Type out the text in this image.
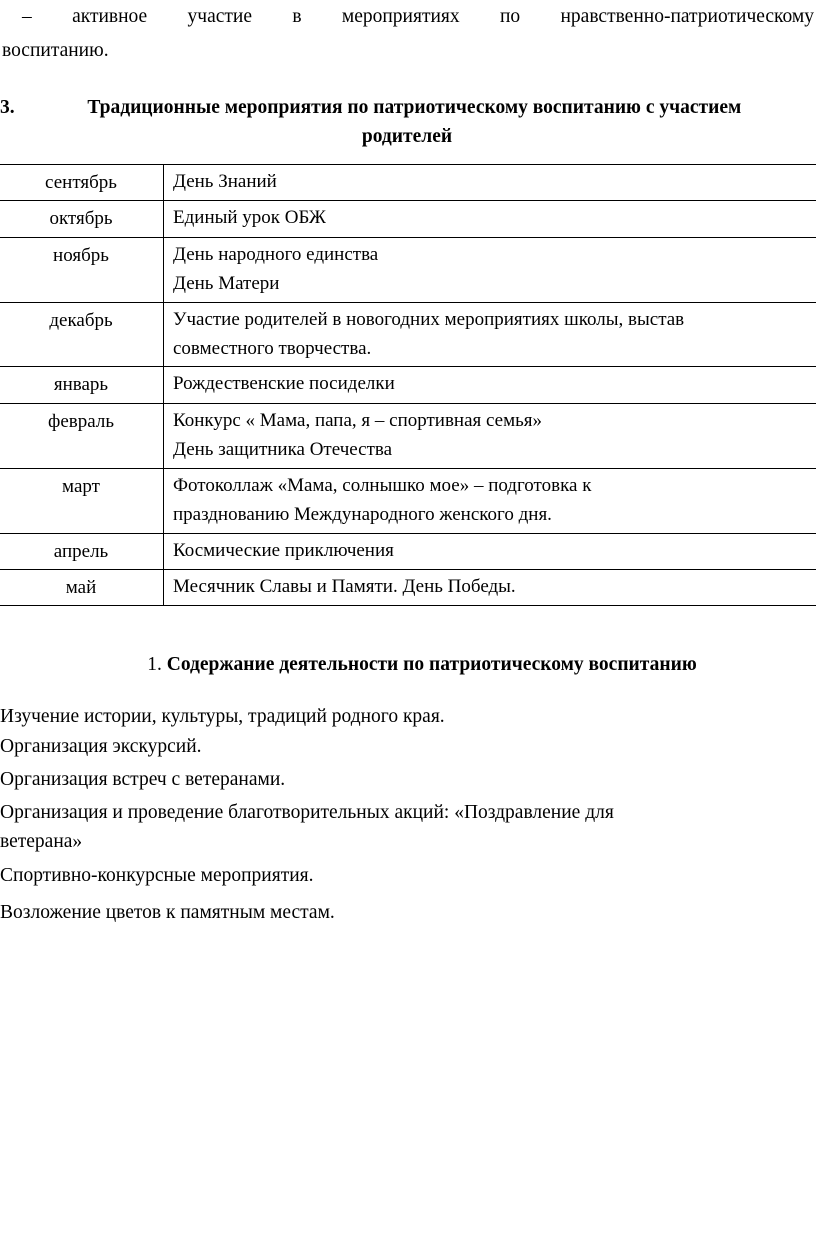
– активное участие в мероприятиях по нравственно-патриотическому
воспитанию.

3.	Традиционные мероприятия по патриотическому воспитанию с участием
родителей
сентябрь	День Знаний

октябрь	Единый урок ОБЖ

ноябрь	День народного единства
День Матери

декабрь	Участие родителей в новогодних мероприятиях школы, выстав
совместного творчества.

январь	Рождественские посиделки

февраль	Конкурс « Мама, папа, я – спортивная семья»
День защитника Отечества

март	Фотоколлаж «Мама, солнышко мое» – подготовка к
празднованию Международного женского дня.

апрель	Космические приключения

май	Месячник Славы и Памяти. День Победы.

1. Содержание деятельности по патриотическому воспитанию

Изучение истории, культуры, традиций родного края.
Организация экскурсий.
Организация встреч с ветеранами.
Организация и проведение благотворительных акций: «Поздравление для
ветерана»
Спортивно-конкурсные мероприятия.
Возложение цветов к памятным местам.
